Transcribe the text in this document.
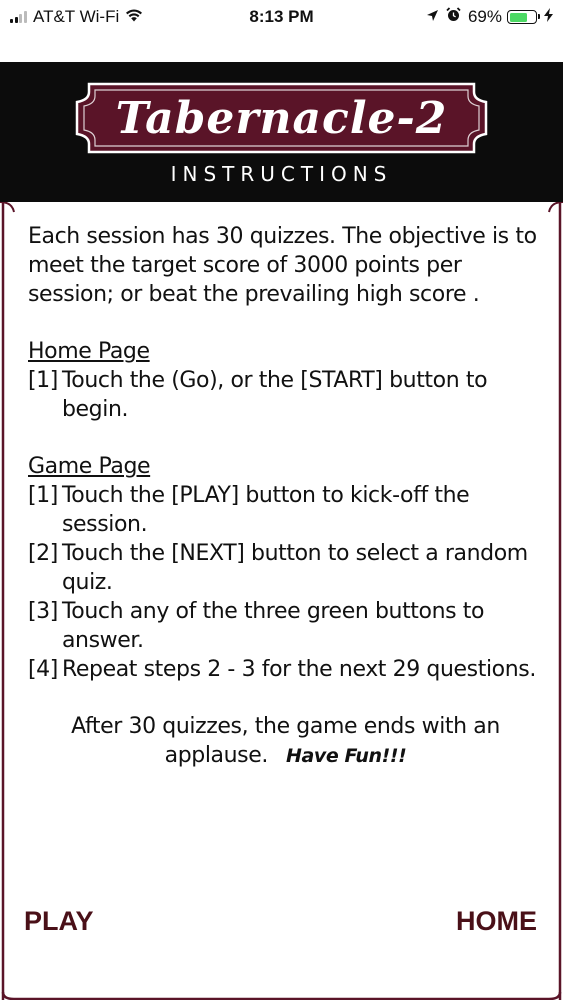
AT&T Wi-Fi	8:13 PM	69%
Tabernacle-2
INSTRUCTIONS

Each session has 30 quizzes. The objective is to meet the target score of 3000 points per session; or beat the prevailing high score .

Home Page

[1] Touch the (Go), or the [START] button to begin.

Game Page

[1] Touch the [PLAY] button to kick-off the session.
[2] Touch the [NEXT] button to select a random quiz.
[3] Touch any of the three green buttons to answer.
[4] Repeat steps 2 - 3 for the next 29 questions.

After 30 quizzes, the game ends with an applause. Have Fun!!!

PLAY	HOME
